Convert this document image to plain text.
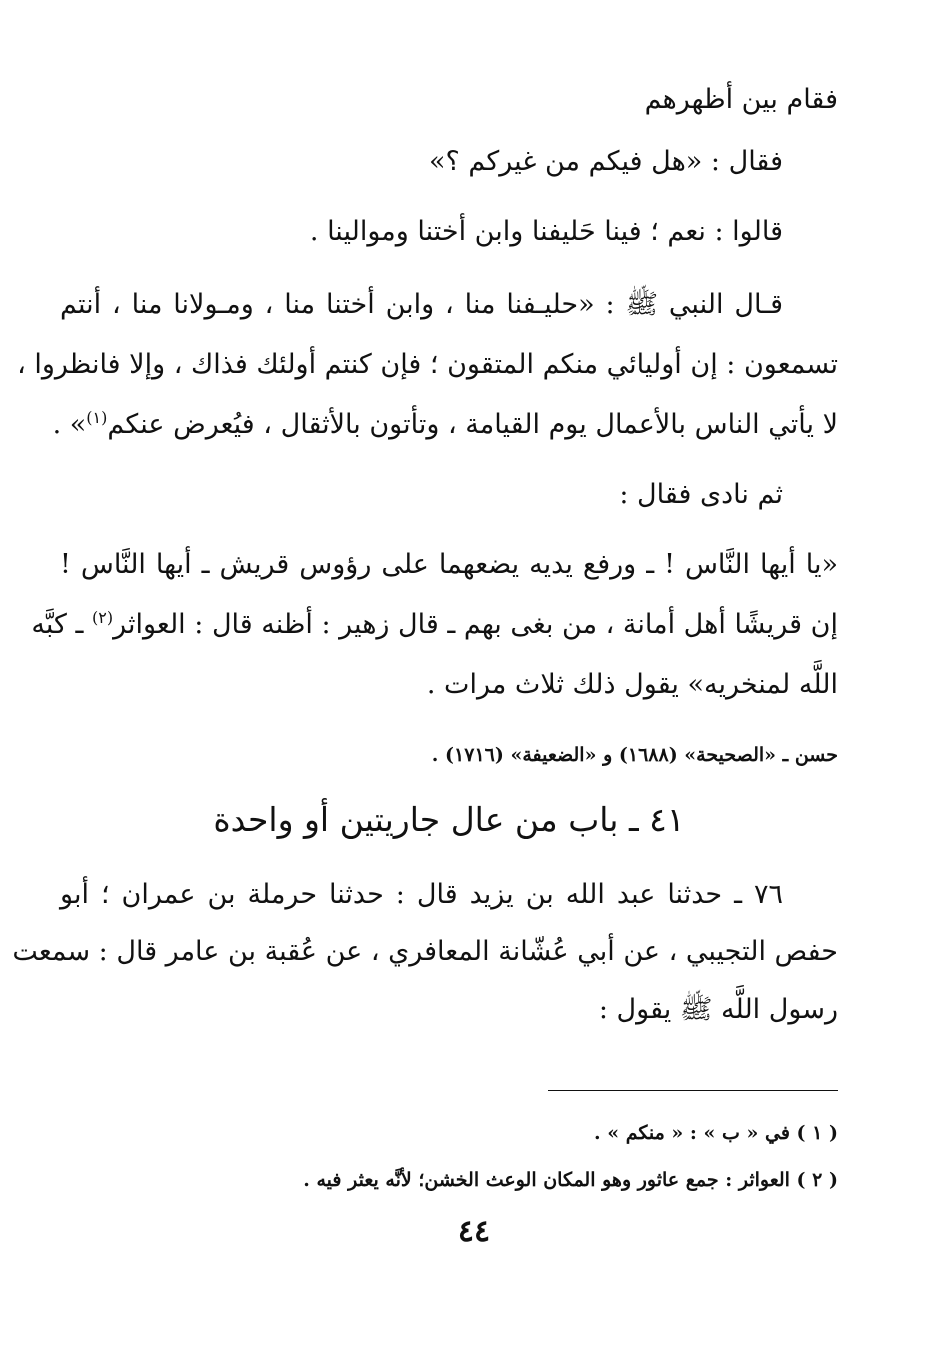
فقام بين أظهرهم
فقال : «هل فيكم من غيركم ؟»
قالوا : نعم ؛ فينا حَليفنا وابن أختنا وموالينا .
قـال النبي ﷺ : «حليـفنا منا ، وابن أختنا منا ، ومـولانا منا ، أنتم
تسمعون : إن أوليائي منكم المتقون ؛ فإن كنتم أولئك فذاك ، وإلا فانظروا ،
لا يأتي الناس بالأعمال يوم القيامة ، وتأتون بالأثقال ، فيُعرض عنكم$^{(١)}$» .
ثم نادى فقال :
«يا أيها النَّاس ! ـ ورفع يديه يضعهما على رؤوس قريش ـ أيها النَّاس !
إن قريشًا أهل أمانة ، من بغى بهم ـ قال زهير : أظنه قال : العواثر$^{(٢)}$ ـ كبَّه
اللَّه لمنخريه» يقول ذلك ثلاث مرات .
حسن ـ «الصحيحة» (١٦٨٨) و «الضعيفة» (١٧١٦) .
٤١ ـ باب من عال جاريتين أو واحدة
٧٦ ـ حدثنا عبد الله بن يزيد قال : حدثنا حرملة بن عمران ؛ أبو
حفص التجيبي ، عن أبي عُشّانة المعافري ، عن عُقبة بن عامر قال : سمعت
رسول اللَّه ﷺ يقول :
( ١ ) في « ب » : « منكم » .
( ٢ ) العواثر : جمع عاثور وهو المكان الوعث الخشن؛ لأنَّه يعثر فيه .
٤٤
